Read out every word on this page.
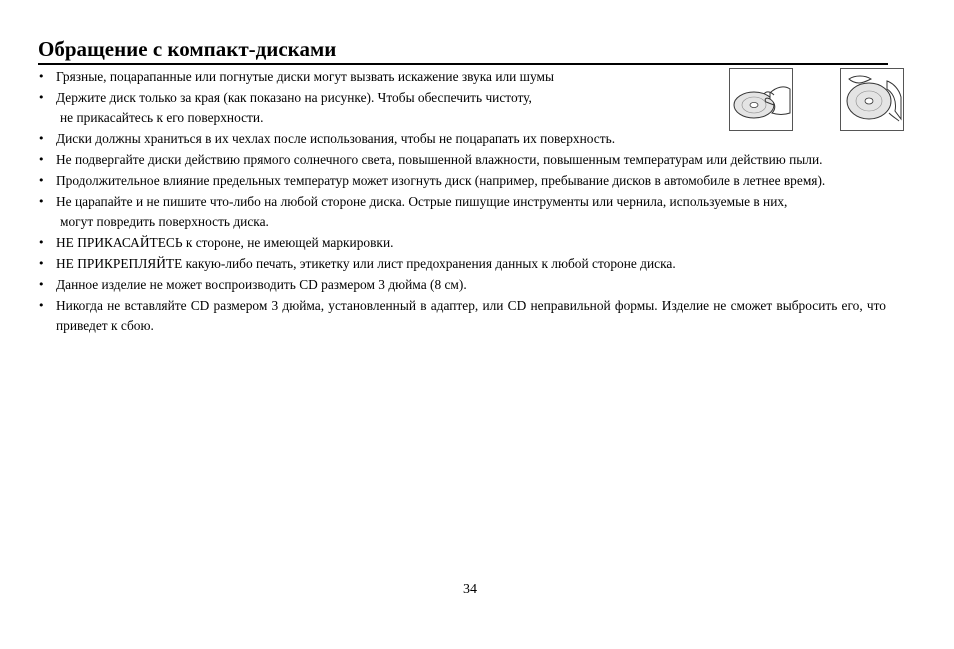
Обращение с компакт-дисками
• Грязные, поцарапанные или погнутые диски могут вызвать искажение звука или шумы
• Держите диск только за края (как показано на рисунке). Чтобы обеспечить чистоту,
не прикасайтесь к его поверхности.
• Диски должны храниться в их чехлах после использования, чтобы не поцарапать их поверхность.
• Не подвергайте диски действию прямого солнечного света, повышенной влажности, повышенным температурам или действию пыли.
• Продолжительное влияние предельных температур может изогнуть диск (например, пребывание дисков в автомобиле в летнее время).
• Не царапайте и не пишите что-либо на любой стороне диска. Острые пишущие инструменты или чернила, используемые в них,
могут повредить поверхность диска.
• НЕ ПРИКАСАЙТЕСЬ к стороне, не имеющей маркировки.
• НЕ ПРИКРЕПЛЯЙТЕ какую-либо печать, этикетку или лист предохранения данных к любой стороне диска.
• Данное изделие не может воспроизводить CD размером 3 дюйма (8 см).
• Никогда не вставляйте CD размером 3 дюйма, установленный в адаптер, или CD неправильной формы. Изделие не сможет выбросить его, что приведет к сбою.
34
